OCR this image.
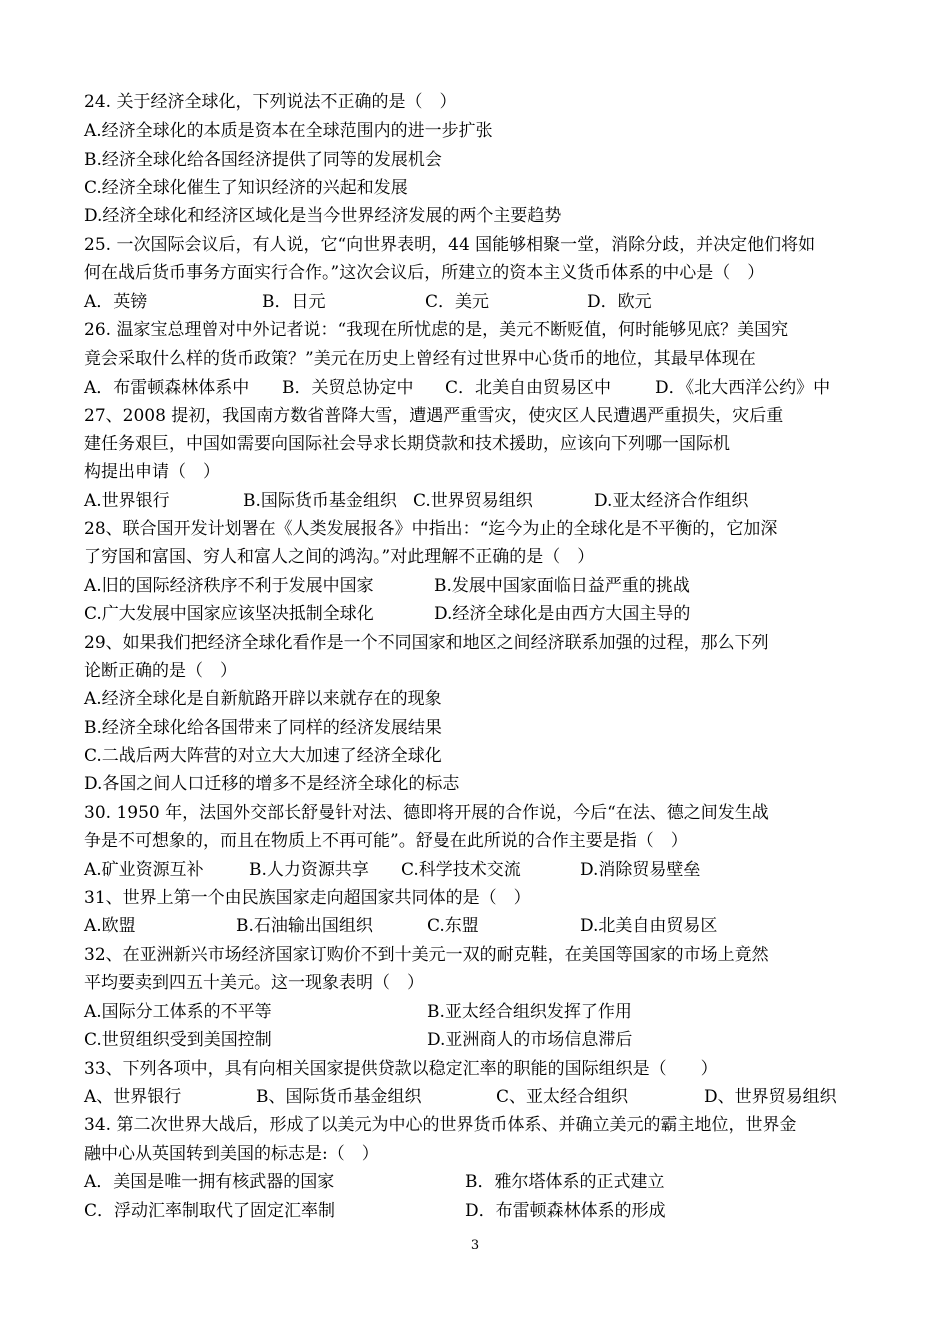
24. 关于经济全球化，下列说法不正确的是（　）
A.经济全球化的本质是资本在全球范围内的进一步扩张
B.经济全球化给各国经济提供了同等的发展机会
C.经济全球化催生了知识经济的兴起和发展
D.经济全球化和经济区域化是当今世界经济发展的两个主要趋势
25. 一次国际会议后，有人说，它“向世界表明，44 国能够相聚一堂，消除分歧，并决定他们将如
何在战后货币事务方面实行合作。”这次会议后，所建立的资本主义货币体系的中心是（　）
A．英镑	B．日元	C．美元	D．欧元
26. 温家宝总理曾对中外记者说：“我现在所忧虑的是，美元不断贬值，何时能够见底？美国究
竟会采取什么样的货币政策？”美元在历史上曾经有过世界中心货币的地位，其最早体现在
A．布雷顿森林体系中 B．关贸总协定中 C．北美自由贸易区中	D．《北大西洋公约》中
27、2008 提初，我国南方数省普降大雪，遭遇严重雪灾，使灾区人民遭遇严重损失，灾后重
建任务艰巨，中国如需要向国际社会导求长期贷款和技术援助，应该向下列哪一国际机
构提出申请（　）
A.世界银行	B.国际货币基金组织 C.世界贸易组织	D.亚太经济合作组织
28、联合国开发计划署在《人类发展报各》中指出：“迄今为止的全球化是不平衡的，它加深
了穷国和富国、穷人和富人之间的鸿沟。”对此理解不正确的是（　）
A.旧的国际经济秩序不利于发展中国家	B.发展中国家面临日益严重的挑战
C.广大发展中国家应该坚决抵制全球化	D.经济全球化是由西方大国主导的
29、如果我们把经济全球化看作是一个不同国家和地区之间经济联系加强的过程，那么下列
论断正确的是（　）
A.经济全球化是自新航路开辟以来就存在的现象
B.经济全球化给各国带来了同样的经济发展结果
C.二战后两大阵营的对立大大加速了经济全球化
D.各国之间人口迁移的增多不是经济全球化的标志
30. 1950 年，法国外交部长舒曼针对法、德即将开展的合作说，今后“在法、德之间发生战
争是不可想象的，而且在物质上不再可能”。舒曼在此所说的合作主要是指（　）
A.矿业资源互补	B.人力资源共享 C.科学技术交流	D.消除贸易壁垒
31、世界上第一个由民族国家走向超国家共同体的是（　）
A.欧盟	B.石油输出国组织	C.东盟	D.北美自由贸易区
32、在亚洲新兴市场经济国家订购价不到十美元一双的耐克鞋，在美国等国家的市场上竟然
平均要卖到四五十美元。这一现象表明（　）
A.国际分工体系的不平等	B.亚太经合组织发挥了作用
C.世贸组织受到美国控制	D.亚洲商人的市场信息滞后
33、下列各项中，具有向相关国家提供贷款以稳定汇率的职能的国际组织是（　　）
A、世界银行	B、国际货币基金组织	C、亚太经合组织	D、世界贸易组织
34. 第二次世界大战后，形成了以美元为中心的世界货币体系、并确立美元的霸主地位，世界金
融中心从英国转到美国的标志是:（　）
A．美国是唯一拥有核武器的国家	B．雅尔塔体系的正式建立
C．浮动汇率制取代了固定汇率制	D．布雷顿森林体系的形成
3
